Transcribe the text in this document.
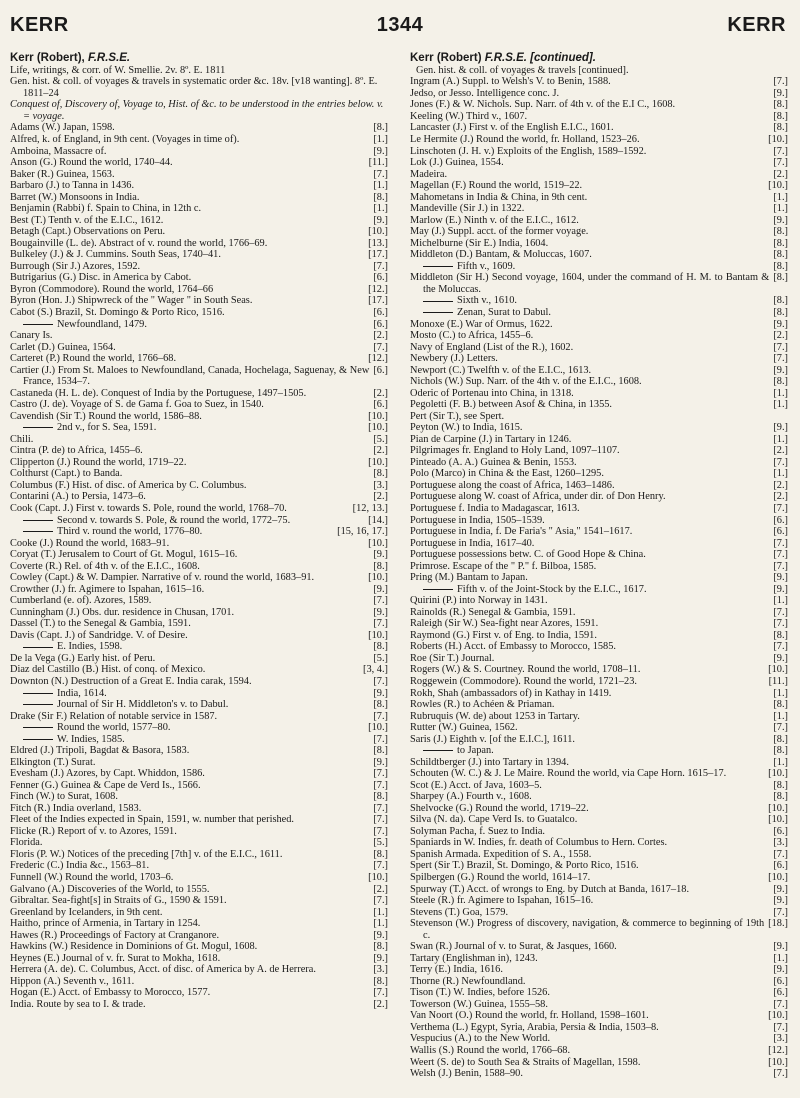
KERR	1344	KERR

Kerr (Robert), F.R.S.E.

Life, writings, & corr. of W. Smellie. 2v. 8º. E. 1811

Gen. hist. & coll. of voyages & travels in systematic order &c. 18v. [v18 wanting]. 8º. E. 1811–24

Conquest of, Discovery of, Voyage to, Hist. of &c. to be understood in the entries below. v. = voyage.

[8.]
Adams (W.) Japan, 1598.

[1.]
Alfred, k. of England, in 9th cent. (Voyages in time of).

[9.]
Amboina, Massacre of.

[11.]
Anson (G.) Round the world, 1740–44.

[7.]
Baker (R.) Guinea, 1563.

[1.]
Barbaro (J.) to Tanna in 1436.

[8.]
Barret (W.) Monsoons in India.

[1.]
Benjamin (Rabbi) f. Spain to China, in 12th c.

[9.]
Best (T.) Tenth v. of the E.I.C., 1612.

[10.]
Betagh (Capt.) Observations on Peru.

[13.]
Bougainville (L. de). Abstract of v. round the world, 1766–69.

[17.]
Bulkeley (J.) & J. Cummins. South Seas, 1740–41.

[7.]
Burrough (Sir J.) Azores, 1592.

[6.]
Butrigarius (G.) Disc. in America by Cabot.

[12.]
Byron (Commodore). Round the world, 1764–66

[17.]
Byron (Hon. J.) Shipwreck of the " Wager " in South Seas.

[6.]
Cabot (S.) Brazil, St. Domingo & Porto Rico, 1516.

[6.]
Newfoundland, 1479.

[2.]
Canary Is.

[7.]
Carlet (D.) Guinea, 1564.

[12.]
Carteret (P.) Round the world, 1766–68.

[6.]
Cartier (J.) From St. Maloes to Newfoundland, Canada, Hochelaga, Saguenay, & New France, 1534–7.

[2.]
Castaneda (H. L. de). Conquest of India by the Portuguese, 1497–1505.

[6.]
Castro (J. de). Voyage of S. de Gama f. Goa to Suez, in 1540.

[10.]
Cavendish (Sir T.) Round the world, 1586–88.

[10.]
2nd v., for S. Sea, 1591.

[5.]
Chili.

[2.]
Cintra (P. de) to Africa, 1455–6.

[10.]
Clipperton (J.) Round the world, 1719–22.

[8.]
Colthurst (Capt.) to Banda.

[3.]
Columbus (F.) Hist. of disc. of America by C. Columbus.

[2.]
Contarini (A.) to Persia, 1473–6.

[12, 13.]
Cook (Capt. J.) First v. towards S. Pole, round the world, 1768–70.

[14.]
Second v. towards S. Pole, & round the world, 1772–75.

[15, 16, 17.]
Third v. round the world, 1776–80.

[10.]
Cooke (J.) Round the world, 1683–91.

[9.]
Coryat (T.) Jerusalem to Court of Gt. Mogul, 1615–16.

[8.]
Coverte (R.) Rel. of 4th v. of the E.I.C., 1608.

[10.]
Cowley (Capt.) & W. Dampier. Narrative of v. round the world, 1683–91.

[9.]
Crowther (J.) fr. Agimere to Ispahan, 1615–16.

[7.]
Cumberland (e. of). Azores, 1589.

[9.]
Cunningham (J.) Obs. dur. residence in Chusan, 1701.

[7.]
Dassel (T.) to the Senegal & Gambia, 1591.

[10.]
Davis (Capt. J.) of Sandridge. V. of Desire.

[8.]
E. Indies, 1598.

[5.]
De la Vega (G.) Early hist. of Peru.

[3, 4.]
Diaz del Castillo (B.) Hist. of conq. of Mexico.

[7.]
Downton (N.) Destruction of a Great E. India carak, 1594.

[9.]
India, 1614.

[8.]
Journal of Sir H. Middleton's v. to Dabul.

[7.]
Drake (Sir F.) Relation of notable service in 1587.

[10.]
Round the world, 1577–80.

[7.]
W. Indies, 1585.

[8.]
Eldred (J.) Tripoli, Bagdat & Basora, 1583.

[9.]
Elkington (T.) Surat.

[7.]
Evesham (J.) Azores, by Capt. Whiddon, 1586.

[7.]
Fenner (G.) Guinea & Cape de Verd Is., 1566.

[8.]
Finch (W.) to Surat, 1608.

[7.]
Fitch (R.) India overland, 1583.

[7.]
Fleet of the Indies expected in Spain, 1591, w. number that perished.

[7.]
Flicke (R.) Report of v. to Azores, 1591.

[5.]
Florida.

[8.]
Floris (P. W.) Notices of the preceding [7th] v. of the E.I.C., 1611.

[7.]
Frederic (C.) India &c., 1563–81.

[10.]
Funnell (W.) Round the world, 1703–6.

[2.]
Galvano (A.) Discoveries of the World, to 1555.

[7.]
Gibraltar. Sea-fight[s] in Straits of G., 1590 & 1591.

[1.]
Greenland by Icelanders, in 9th cent.

[1.]
Haitho, prince of Armenia, in Tartary in 1254.

[9.]
Hawes (R.) Proceedings of Factory at Cranganore.

[8.]
Hawkins (W.) Residence in Dominions of Gt. Mogul, 1608.

[9.]
Heynes (E.) Journal of v. fr. Surat to Mokha, 1618.

[3.]
Herrera (A. de). C. Columbus, Acct. of disc. of America by A. de Herrera.

[8.]
Hippon (A.) Seventh v., 1611.

[7.]
Hogan (E.) Acct. of Embassy to Morocco, 1577.

[2.]
India. Route by sea to I. & trade.

Kerr (Robert) F.R.S.E. [continued].

Gen. hist. & coll. of voyages & travels [continued].

[7.]
Ingram (A.) Suppl. to Welsh's V. to Benin, 1588.

[9.]
Jedso, or Jesso. Intelligence conc. J.

[8.]
Jones (F.) & W. Nichols. Sup. Narr. of 4th v. of the E.I C., 1608.

[8.]
Keeling (W.) Third v., 1607.

[8.]
Lancaster (J.) First v. of the English E.I.C., 1601.

[10.]
Le Hermite (J.) Round the world, fr. Holland, 1523–26.

[7.]
Linschoten (J. H. v.) Exploits of the English, 1589–1592.

[7.]
Lok (J.) Guinea, 1554.

[2.]
Madeira.

[10.]
Magellan (F.) Round the world, 1519–22.

[1.]
Mahometans in India & China, in 9th cent.

[1.]
Mandeville (Sir J.) in 1322.

[9.]
Marlow (E.) Ninth v. of the E.I.C., 1612.

[8.]
May (J.) Suppl. acct. of the former voyage.

[8.]
Michelburne (Sir E.) India, 1604.

[8.]
Middleton (D.) Bantam, & Moluccas, 1607.

[8.]
Fifth v., 1609.

[8.]
Middleton (Sir H.) Second voyage, 1604, under the command of H. M. to Bantam & the Moluccas.

[8.]
Sixth v., 1610.

[8.]
Zenan, Surat to Dabul.

[9.]
Monoxe (E.) War of Ormus, 1622.

[2.]
Mosto (C.) to Africa, 1455–6.

[7.]
Navy of England (List of the R.), 1602.

[7.]
Newbery (J.) Letters.

[9.]
Newport (C.) Twelfth v. of the E.I.C., 1613.

[8.]
Nichols (W.) Sup. Narr. of the 4th v. of the E.I.C., 1608.

[1.]
Oderic of Portenau into China, in 1318.

[1.]
Pegoletti (F. B.) between Asof & China, in 1355.

Pert (Sir T.), see Spert.

[9.]
Peyton (W.) to India, 1615.

[1.]
Pian de Carpine (J.) in Tartary in 1246.

[2.]
Pilgrimages fr. England to Holy Land, 1097–1107.

[7.]
Pinteado (A. A.) Guinea & Benin, 1553.

[1.]
Polo (Marco) in China & the East, 1260–1295.

[2.]
Portuguese along the coast of Africa, 1463–1486.

[2.]
Portuguese along W. coast of Africa, under dir. of Don Henry.

[7.]
Portuguese f. India to Madagascar, 1613.

[6.]
Portuguese in India, 1505–1539.

[6.]
Portuguese in India, f. De Faria's " Asia," 1541–1617.

[7.]
Portuguese in India, 1617–40.

[7.]
Portuguese possessions betw. C. of Good Hope & China.

[7.]
Primrose. Escape of the " P." f. Bilboa, 1585.

[9.]
Pring (M.) Bantam to Japan.

[9.]
Fifth v. of the Joint-Stock by the E.I.C., 1617.

[1.]
Quirini (P.) into Norway in 1431.

[7.]
Rainolds (R.) Senegal & Gambia, 1591.

[7.]
Raleigh (Sir W.) Sea-fight near Azores, 1591.

[8.]
Raymond (G.) First v. of Eng. to India, 1591.

[7.]
Roberts (H.) Acct. of Embassy to Morocco, 1585.

[9.]
Roe (Sir T.) Journal.

[10.]
Rogers (W.) & S. Courtney. Round the world, 1708–11.

[11.]
Roggewein (Commodore). Round the world, 1721–23.

[1.]
Rokh, Shah (ambassadors of) in Kathay in 1419.

[8.]
Rowles (R.) to Achéen & Priaman.

[1.]
Rubruquis (W. de) about 1253 in Tartary.

[7.]
Rutter (W.) Guinea, 1562.

[8.]
Saris (J.) Eighth v. [of the E.I.C.], 1611.

[8.]
to Japan.

[1.]
Schildtberger (J.) into Tartary in 1394.

[10.]
Schouten (W. C.) & J. Le Maire. Round the world, via Cape Horn. 1615–17.

[8.]
Scot (E.) Acct. of Java, 1603–5.

[8.]
Sharpey (A.) Fourth v., 1608.

[10.]
Shelvocke (G.) Round the world, 1719–22.

[10.]
Silva (N. da). Cape Verd Is. to Guatalco.

[6.]
Solyman Pacha, f. Suez to India.

[3.]
Spaniards in W. Indies, fr. death of Columbus to Hern. Cortes.

[7.]
Spanish Armada. Expedition of S. A., 1558.

[6.]
Spert (Sir T.) Brazil, St. Domingo, & Porto Rico, 1516.

[10.]
Spilbergen (G.) Round the world, 1614–17.

[9.]
Spurway (T.) Acct. of wrongs to Eng. by Dutch at Banda, 1617–18.

[9.]
Steele (R.) fr. Agimere to Ispahan, 1615–16.

[7.]
Stevens (T.) Goa, 1579.

[18.]
Stevenson (W.) Progress of discovery, navigation, & commerce to beginning of 19th c.

[9.]
Swan (R.) Journal of v. to Surat, & Jasques, 1660.

[1.]
Tartary (Englishman in), 1243.

[9.]
Terry (E.) India, 1616.

[6.]
Thorne (R.) Newfoundland.

[6.]
Tison (T.) W. Indies, before 1526.

[7.]
Towerson (W.) Guinea, 1555–58.

[10.]
Van Noort (O.) Round the world, fr. Holland, 1598–1601.

[7.]
Verthema (L.) Egypt, Syria, Arabia, Persia & India, 1503–8.

[3.]
Vespucius (A.) to the New World.

[12.]
Wallis (S.) Round the world, 1766–68.

[10.]
Weert (S. de) to South Sea & Straits of Magellan, 1598.

[7.]
Welsh (J.) Benin, 1588–90.
